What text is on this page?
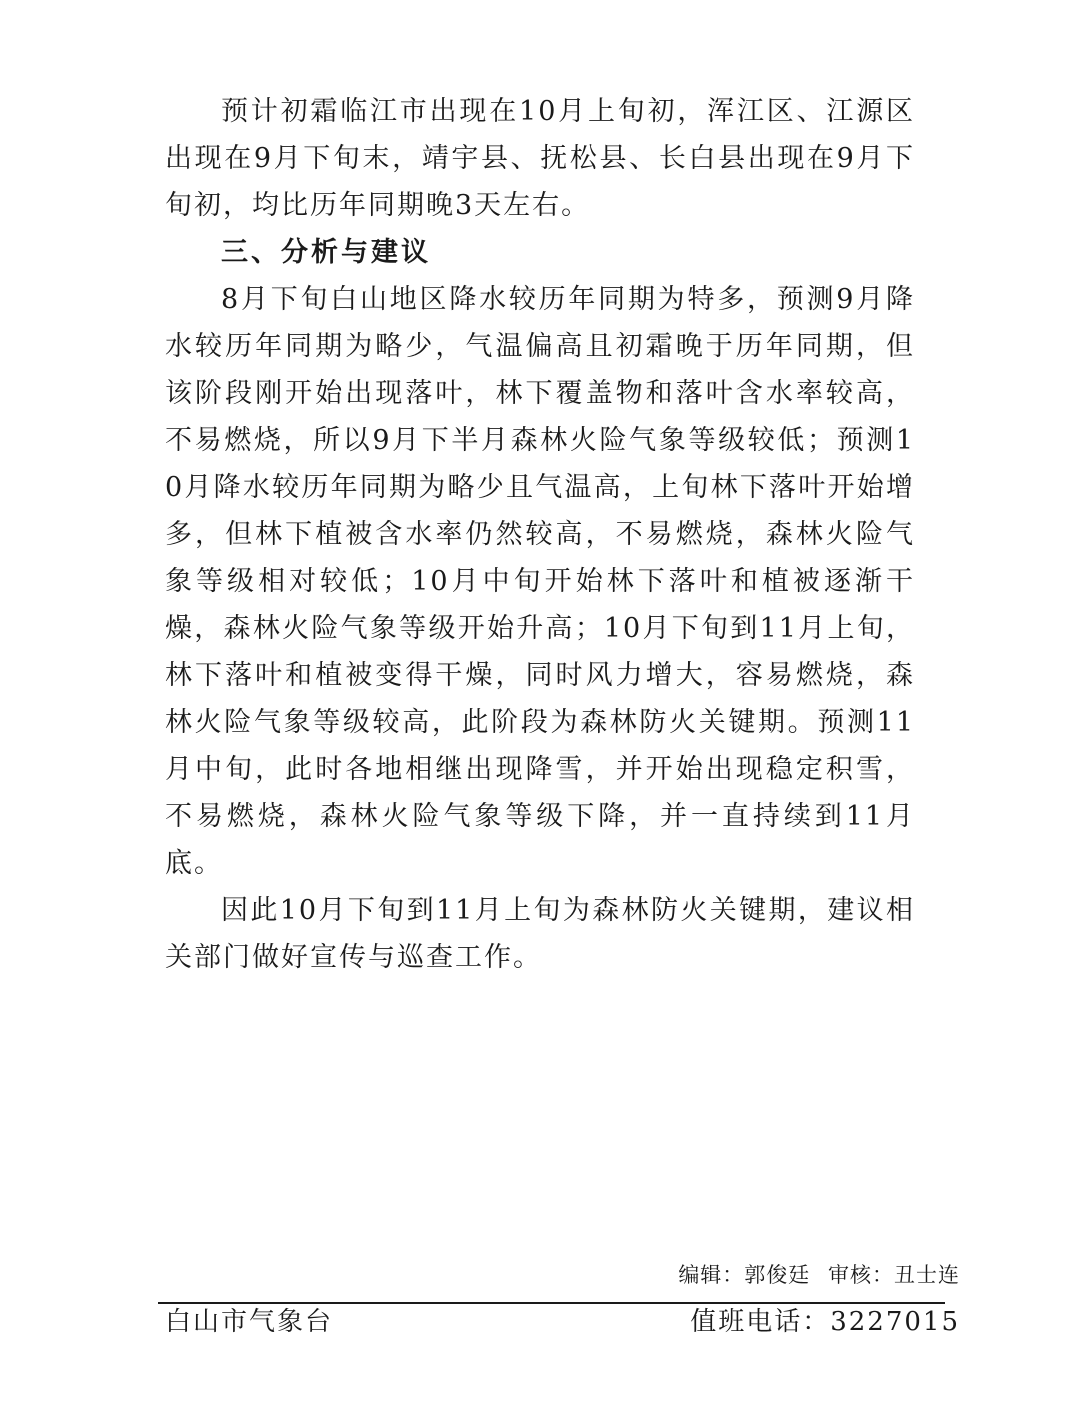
预计初霜临江市出现在10月上旬初，浑江区、江源区出现在9月下旬末，靖宇县、抚松县、长白县出现在9月下旬初，均比历年同期晚3天左右。

三、分析与建议

8月下旬白山地区降水较历年同期为特多，预测9月降水较历年同期为略少，气温偏高且初霜晚于历年同期，但该阶段刚开始出现落叶，林下覆盖物和落叶含水率较高，不易燃烧，所以9月下半月森林火险气象等级较低；预测10月降水较历年同期为略少且气温高，上旬林下落叶开始增多，但林下植被含水率仍然较高，不易燃烧，森林火险气象等级相对较低；10月中旬开始林下落叶和植被逐渐干燥，森林火险气象等级开始升高；10月下旬到11月上旬，林下落叶和植被变得干燥，同时风力增大，容易燃烧，森林火险气象等级较高，此阶段为森林防火关键期。预测11月中旬，此时各地相继出现降雪，并开始出现稳定积雪，不易燃烧，森林火险气象等级下降，并一直持续到11月底。

因此10月下旬到11月上旬为森林防火关键期，建议相关部门做好宣传与巡查工作。

编辑：郭俊廷 审核：丑士连
白山市气象台	值班电话：3227015
